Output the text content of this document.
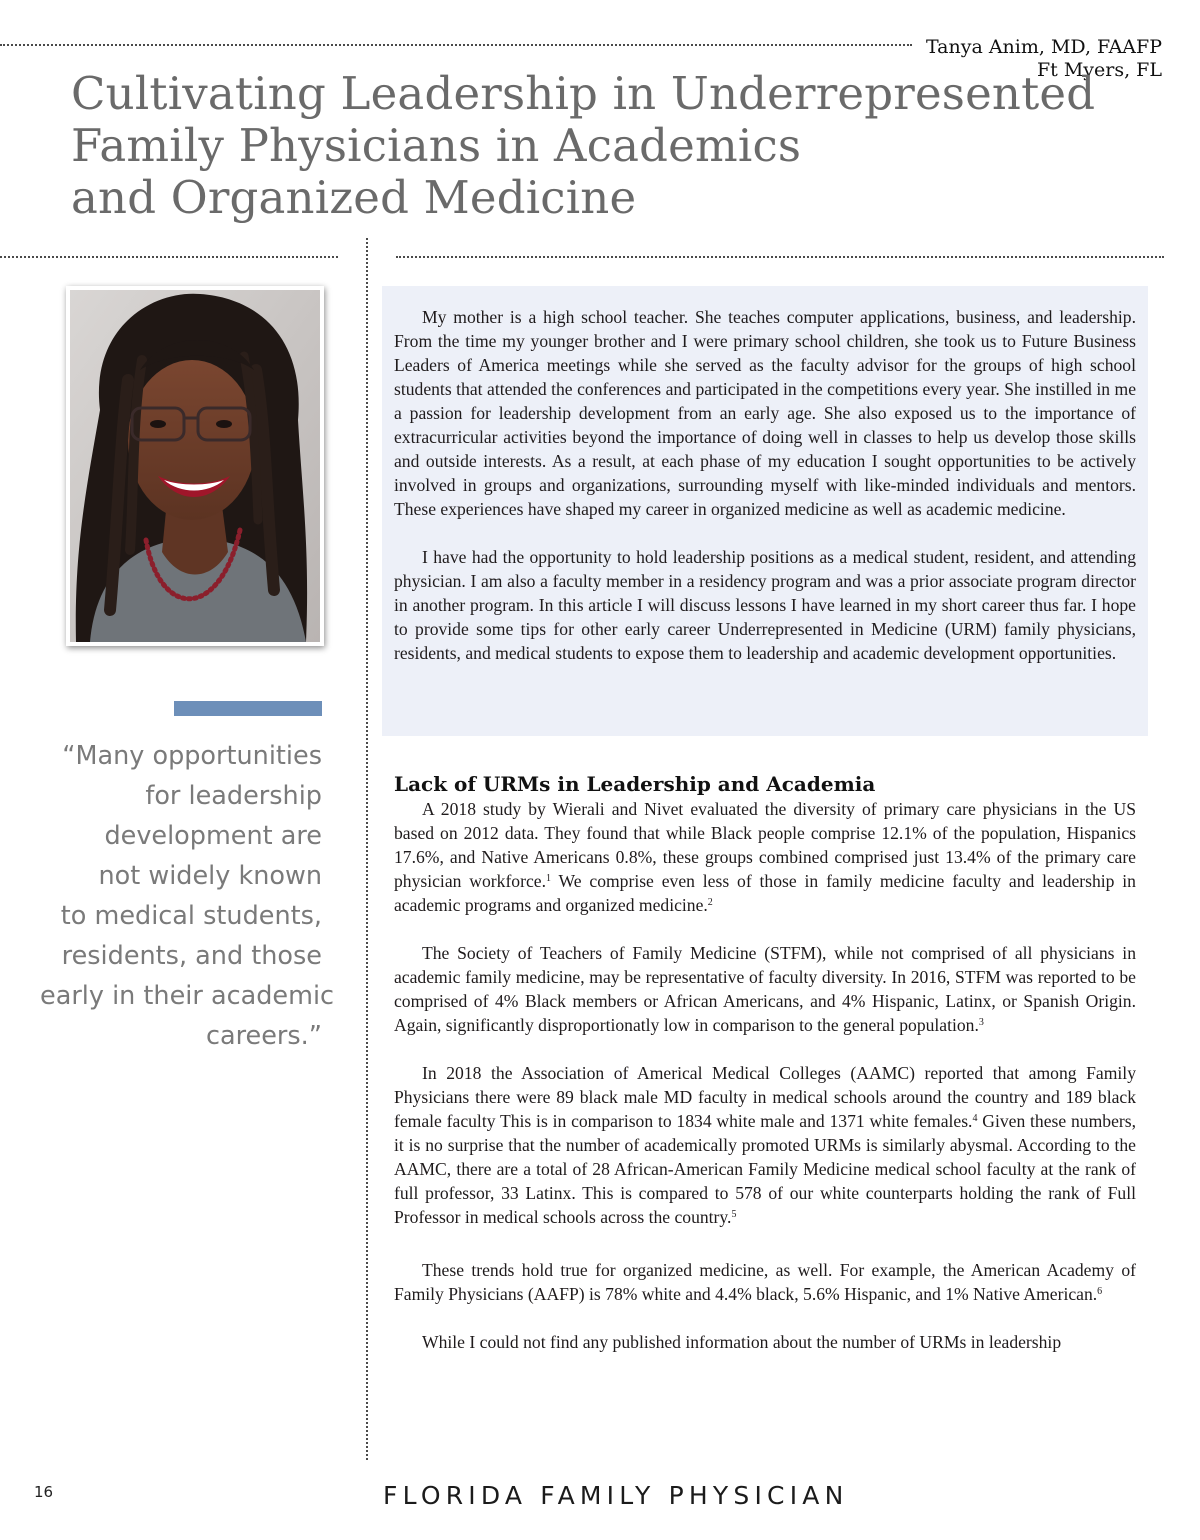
Tanya Anim, MD, FAAFP
Ft Myers, FL
Cultivating Leadership in Underrepresented
Family Physicians in Academics
and Organized Medicine
“Many opportunities
for leadership
development are
not widely known
to medical students,
residents, and those
early in their academic
careers.”

My mother is a high school teacher. She teaches computer applications, business, and leadership. From the time my younger brother and I were primary school children, she took us to Future Business Leaders of America meetings while she served as the faculty advisor for the groups of high school students that attended the conferences and participated in the competitions every year. She instilled in me a passion for leadership development from an early age. She also exposed us to the importance of extracurricular activities beyond the importance of doing well in classes to help us develop those skills and outside interests. As a result, at each phase of my education I sought opportunities to be actively involved in groups and organizations, surrounding myself with like-minded individuals and mentors. These experiences have shaped my career in organized medicine as well as academic medicine.

I have had the opportunity to hold leadership positions as a medical student, resident, and attending physician. I am also a faculty member in a residency program and was a prior associate program director in another program. In this article I will discuss lessons I have learned in my short career thus far. I hope to provide some tips for other early career Underrepresented in Medicine (URM) family physicians, residents, and medical students to expose them to leadership and academic development opportunities.

Lack of URMs in Leadership and Academia

A 2018 study by Wierali and Nivet evaluated the diversity of primary care physicians in the US based on 2012 data. They found that while Black people comprise 12.1% of the population, Hispanics 17.6%, and Native Americans 0.8%, these groups combined comprised just 13.4% of the primary care physician workforce.$^1$ We comprise even less of those in family medicine faculty and leadership in academic programs and organized medicine.$^2$

The Society of Teachers of Family Medicine (STFM), while not comprised of all physicians in academic family medicine, may be representative of faculty diversity. In 2016, STFM was reported to be comprised of 4% Black members or African Americans, and 4% Hispanic, Latinx, or Spanish Origin. Again, significantly disproportionatly low in comparison to the general population.$^3$

In 2018 the Association of Americal Medical Colleges (AAMC) reported that among Family Physicians there were 89 black male MD faculty in medical schools around the country and 189 black female faculty This is in comparison to 1834 white male and 1371 white females.$^4$ Given these numbers, it is no surprise that the number of academically promoted URMs is similarly abysmal. According to the AAMC, there are a total of 28 African-American Family Medicine medical school faculty at the rank of full professor, 33 Latinx. This is compared to 578 of our white counterparts holding the rank of Full Professor in medical schools across the country.$^5$

These trends hold true for organized medicine, as well. For example, the American Academy of Family Physicians (AAFP) is 78% white and 4.4% black, 5.6% Hispanic, and 1% Native American.$^6$

While I could not find any published information about the number of URMs in leadership

16	FLORIDA FAMILY PHYSICIAN
